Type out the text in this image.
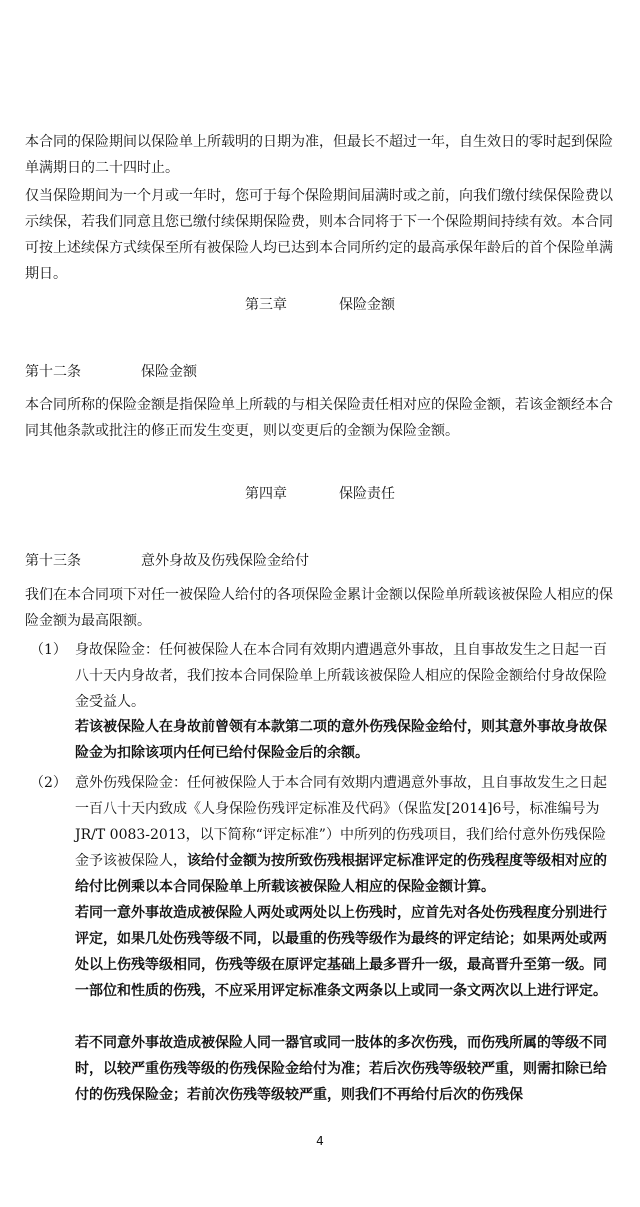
本合同的保险期间以保险单上所载明的日期为准，但最长不超过一年，自生效日的零时起到保险单满期日的二十四时止。

仅当保险期间为一个月或一年时，您可于每个保险期间届满时或之前，向我们缴付续保保险费以示续保，若我们同意且您已缴付续保期保险费，则本合同将于下一个保险期间持续有效。本合同可按上述续保方式续保至所有被保险人均已达到本合同所约定的最高承保年龄后的首个保险单满期日。

第三章	保险金额
第十二条	保险金额

本合同所称的保险金额是指保险单上所载的与相关保险责任相对应的保险金额，若该金额经本合同其他条款或批注的修正而发生变更，则以变更后的金额为保险金额。

第四章	保险责任
第十三条	意外身故及伤残保险金给付

我们在本合同项下对任一被保险人给付的各项保险金累计金额以保险单所载该被保险人相应的保险金额为最高限额。

（1） 身故保险金：任何被保险人在本合同有效期内遭遇意外事故，且自事故发生之日起一百八十天内身故者，我们按本合同保险单上所载该被保险人相应的保险金额给付身故保险金受益人。

若该被保险人在身故前曾领有本款第二项的意外伤残保险金给付，则其意外事故身故保险金为扣除该项内任何已给付保险金后的余额。

（2） 意外伤残保险金：任何被保险人于本合同有效期内遭遇意外事故，且自事故发生之日起一百八十天内致成《人身保险伤残评定标准及代码》（保监发[2014]6号，标准编号为 JR/T 0083-2013，以下简称“评定标准”）中所列的伤残项目，我们给付意外伤残保险金予该被保险人，该给付金额为按所致伤残根据评定标准评定的伤残程度等级相对应的给付比例乘以本合同保险单上所载该被保险人相应的保险金额计算。

若同一意外事故造成被保险人两处或两处以上伤残时，应首先对各处伤残程度分别进行评定，如果几处伤残等级不同，以最重的伤残等级作为最终的评定结论；如果两处或两处以上伤残等级相同，伤残等级在原评定基础上最多晋升一级，最高晋升至第一级。同一部位和性质的伤残，不应采用评定标准条文两条以上或同一条文两次以上进行评定。

若不同意外事故造成被保险人同一器官或同一肢体的多次伤残，而伤残所属的等级不同时，以较严重伤残等级的伤残保险金给付为准；若后次伤残等级较严重，则需扣除已给付的伤残保险金；若前次伤残等级较严重，则我们不再给付后次的伤残保

4
